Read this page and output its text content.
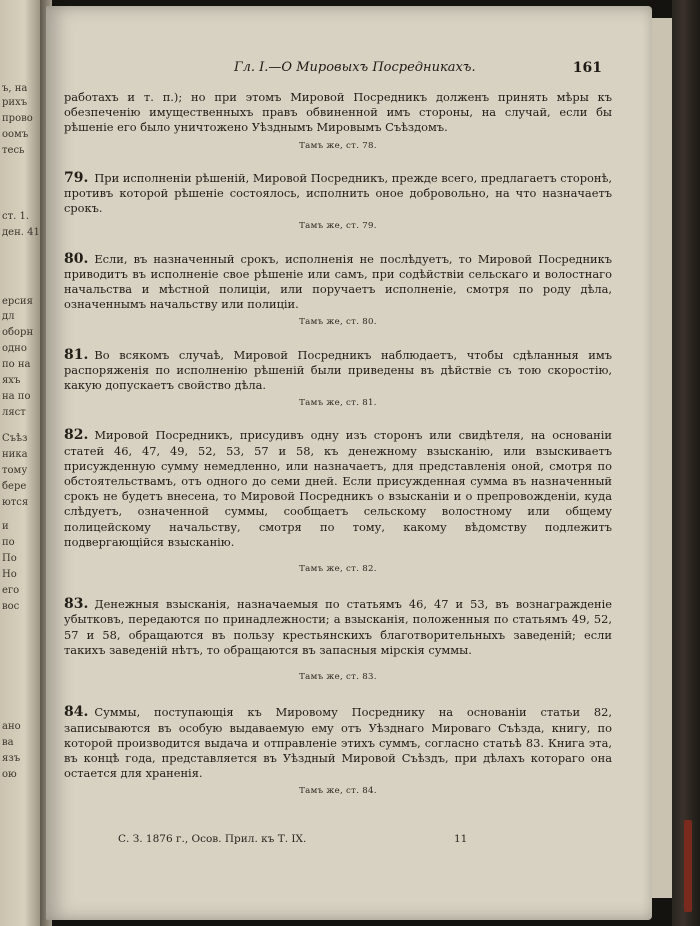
ъ, на
рихъ
прово
оомъ
тесь
ст. 1.
ден. 41
ерсия
дл
оборн
одно
по на
яхъ
на по
ляст
Съѣз
ника
тому
бере
ются
и
по
По
Но
его
вос
ано
ва
язъ
ою
Гл. I.—О Мировыхъ Посредникахъ.	161

работахъ и т. п.); но при этомъ Мировой Посредникъ долженъ принять мѣры къ обезпеченію имущественныхъ правъ обвиненной имъ стороны, на случай, если бы рѣшеніе его было уничтожено Уѣзднымъ Мировымъ Съѣздомъ.

Тамъ же, ст. 78.

79. При исполненіи рѣшеній, Мировой Посредникъ, прежде всего, предлагаетъ сторонѣ, противъ которой рѣшеніе состоялось, исполнить оное добровольно, на что назначаетъ срокъ.

Тамъ же, ст. 79.

80. Если, въ назначенный срокъ, исполненія не послѣдуетъ, то Мировой Посредникъ приводитъ въ исполненіе свое рѣшеніе или самъ, при содѣйствіи сельскаго и волостнаго начальства и мѣстной полиціи, или поручаетъ исполненіе, смотря по роду дѣла, означеннымъ начальству или полиціи.

Тамъ же, ст. 80.

81. Во всякомъ случаѣ, Мировой Посредникъ наблюдаетъ, чтобы сдѣланныя имъ распоряженія по исполненію рѣшеній были приведены въ дѣйствіе съ тою скоростію, какую допускаетъ свойство дѣла.

Тамъ же, ст. 81.

82. Мировой Посредникъ, присудивъ одну изъ сторонъ или свидѣтеля, на основаніи статей 46, 47, 49, 52, 53, 57 и 58, къ денежному взысканію, или взыскиваетъ присужденную сумму немедленно, или назначаетъ, для представленія оной, смотря по обстоятельствамъ, отъ одного до семи дней. Если присужденная сумма въ назначенный срокъ не будетъ внесена, то Мировой Посредникъ о взысканіи и о препровожденіи, куда слѣдуетъ, означенной суммы, сообщаетъ сельскому волостному или общему полицейскому начальству, смотря по тому, какому вѣдомству подлежитъ подвергающійся взысканію.

Тамъ же, ст. 82.

83. Денежныя взысканія, назначаемыя по статьямъ 46, 47 и 53, въ вознагражденіе убытковъ, передаются по принадлежности; а взысканія, положенныя по статьямъ 49, 52, 57 и 58, обращаются въ пользу крестьянскихъ благотворительныхъ заведеній; если такихъ заведеній нѣтъ, то обращаются въ запасныя мірскія суммы.

Тамъ же, ст. 83.

84. Суммы, поступающія къ Мировому Посреднику на основаніи статьи 82, записываются въ особую выдаваемую ему отъ Уѣзднаго Мироваго Съѣзда, книгу, по которой производится выдача и отправленіе этихъ суммъ, согласно статьѣ 83. Книга эта, въ концѣ года, представляется въ Уѣздный Мировой Съѣздъ, при дѣлахъ котораго она остается для храненія.

Тамъ же, ст. 84.

С. З. 1876 г., Осов. Прил. къ Т. IX.	11
